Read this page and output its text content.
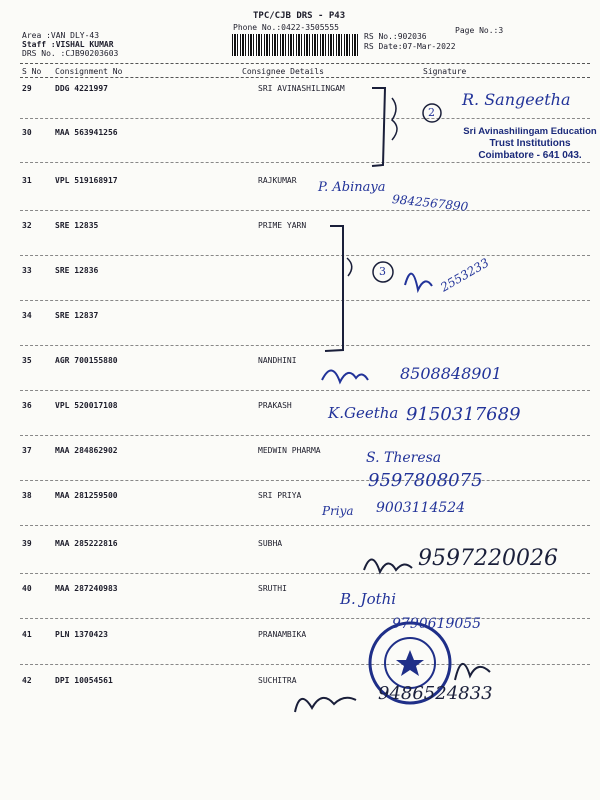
TPC/CJB DRS - P43
Phone No.:0422-3505555
Area :VAN DLY-43
Staff :VISHAL KUMAR
DRS No. :CJB90203603
RS No.:902036
RS Date:07-Mar-2022
Page No.:3
S No Consignment No	Consignee Details	Signature
29	DDG 4221997	SRI AVINASHILINGAM
30	MAA 563941256
31	VPL 519168917	RAJKUMAR
32	SRE 12835	PRIME YARN
33	SRE 12836
34	SRE 12837
35	AGR 700155880	NANDHINI
36	VPL 520017108	PRAKASH
37	MAA 284862902	MEDWIN PHARMA
38	MAA 281259500	SRI PRIYA
39	MAA 285222816	SUBHA
40	MAA 287240983	SRUTHI
41	PLN 1370423	PRANAMBIKA
42	DPI 10054561	SUCHITRA
Sri Avinashilingam Education
Trust Institutions
Coimbatore - 641 043.
2
R. Sangeetha
P. Abinaya
9842567890
3	2553233
8508848901
K.Geetha 9150317689
S. Theresa
9597808075
Priya 9003114524
9597220026
B. Jothi
9790619055
9486524833
